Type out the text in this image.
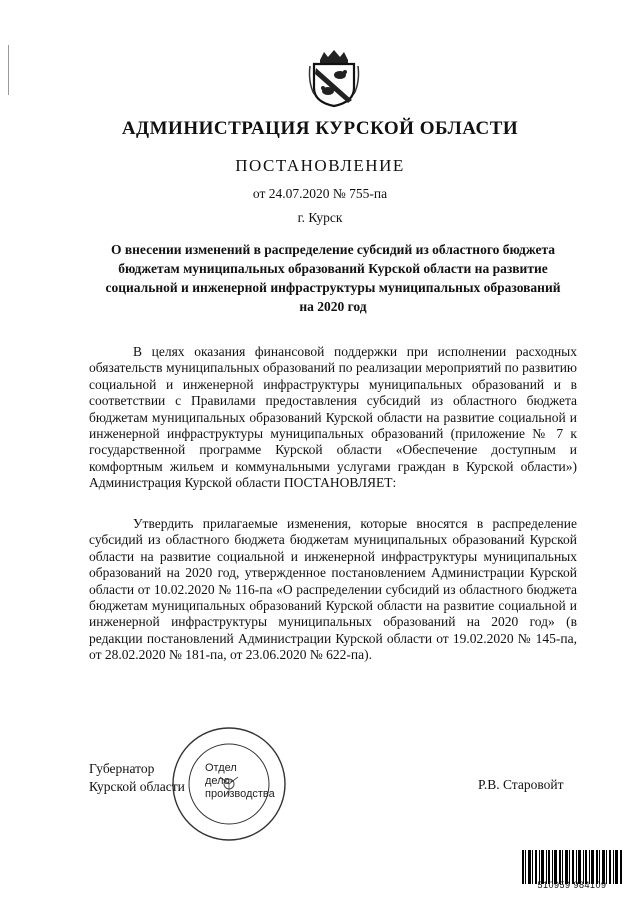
АДМИНИСТРАЦИЯ КУРСКОЙ ОБЛАСТИ
ПОСТАНОВЛЕНИЕ
от 24.07.2020 № 755-па
г. Курск
О внесении изменений в распределение субсидий из областного бюджета бюджетам муниципальных образований Курской области на развитие социальной и инженерной инфраструктуры муниципальных образований на 2020 год

В целях оказания финансовой поддержки при исполнении расходных обязательств муниципальных образований по реализации мероприятий по развитию социальной и инженерной инфраструктуры муниципальных образований и в соответствии с Правилами предоставления субсидий из областного бюджета бюджетам муниципальных образований Курской области на развитие социальной и инженерной инфраструктуры муниципальных образований (приложение № 7 к государственной программе Курской области «Обеспечение доступным и комфортным жильем и коммунальными услугами граждан в Курской области») Администрация Курской области ПОСТАНОВЛЯЕТ:

Утвердить прилагаемые изменения, которые вносятся в распределение субсидий из областного бюджета бюджетам муниципальных образований Курской области на развитие социальной и инженерной инфраструктуры муниципальных образований на 2020 год, утвержденное постановлением Администрации Курской области от 10.02.2020 № 116-па «О распределении субсидий из областного бюджета бюджетам муниципальных образований Курской области на развитие социальной и инженерной инфраструктуры муниципальных образований на 2020 год» (в редакции постановлений Администрации Курской области от 19.02.2020 № 145-па, от 28.02.2020 № 181-па, от 23.06.2020 № 622-па).

Губернатор
Курской области
Отдел
дело-
производства
Р.В. Старовойт
510959 984109
